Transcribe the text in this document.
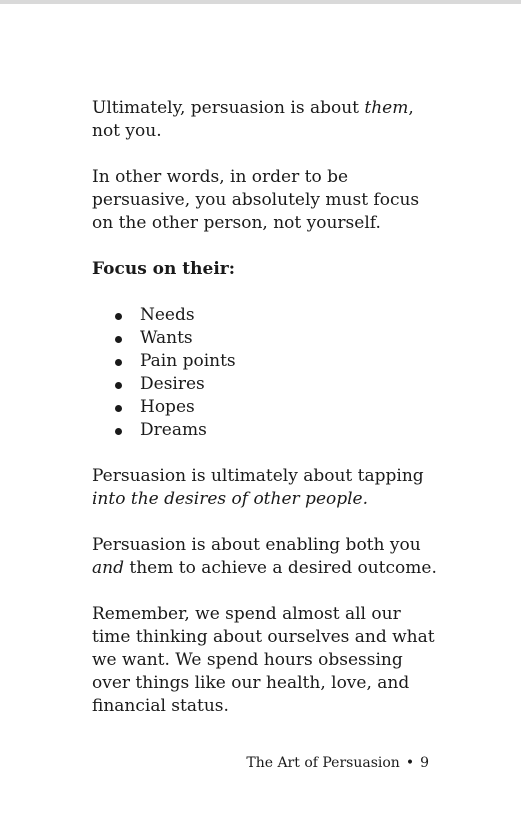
Ultimately, persuasion is about them, not you.

In other words, in order to be persuasive, you absolutely must focus on the other person, not yourself.

Focus on their:

Needs
Wants
Pain points
Desires
Hopes
Dreams

Persuasion is ultimately about tapping into the desires of other people.

Persuasion is about enabling both you and them to achieve a desired outcome.

Remember, we spend almost all our time thinking about ourselves and what we want. We spend hours obsessing over things like our health, love, and financial status.

The Art of Persuasion • 9
